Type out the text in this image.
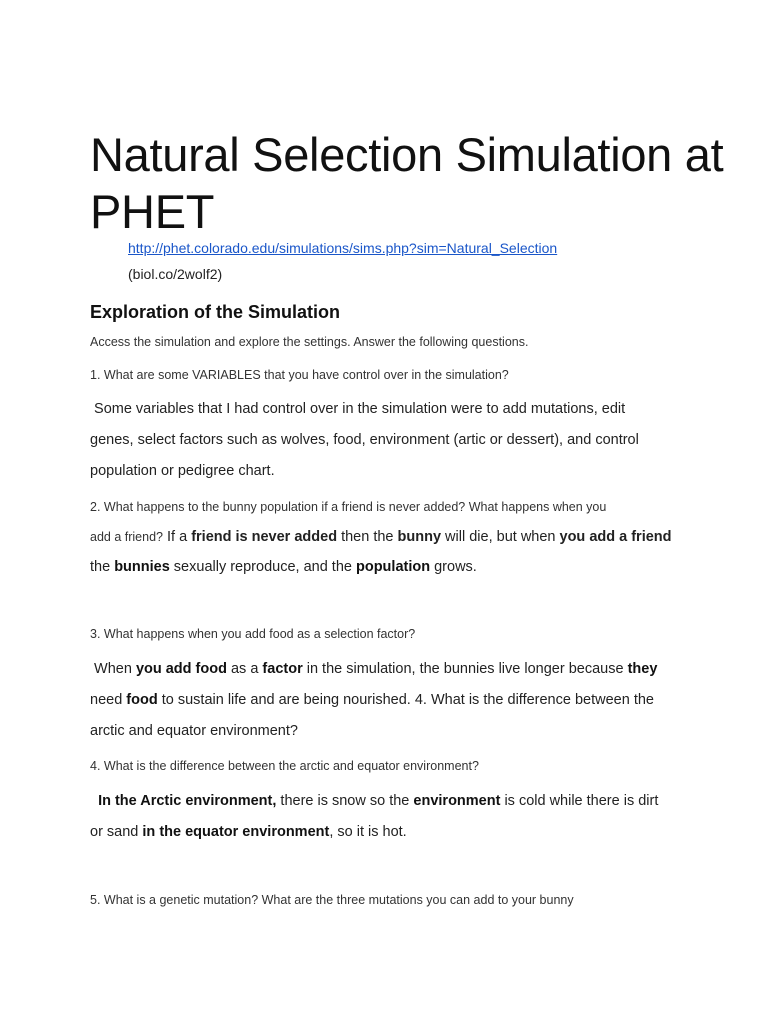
Natural Selection Simulation at PHET
http://phet.colorado.edu/simulations/sims.php?sim=Natural_Selection
(biol.co/2wolf2)
Exploration of the Simulation
Access the simulation and explore the settings. Answer the following questions.
1. What are some VARIABLES that you have control over in the simulation?
Some variables that I had control over in the simulation were to add mutations, edit
genes, select factors such as wolves, food, environment (artic or dessert), and control
population or pedigree chart.
2. What happens to the bunny population if a friend is never added? What happens when you
add a friend? If a friend is never added then the bunny will die, but when you add a friend
the bunnies sexually reproduce, and the population grows.
3. What happens when you add food as a selection factor?
When you add food as a factor in the simulation, the bunnies live longer because they
need food to sustain life and are being nourished. 4. What is the difference between the
arctic and equator environment?
4. What is the difference between the arctic and equator environment?
In the Arctic environment, there is snow so the environment is cold while there is dirt
or sand in the equator environment, so it is hot.
5. What is a genetic mutation? What are the three mutations you can add to your bunny
